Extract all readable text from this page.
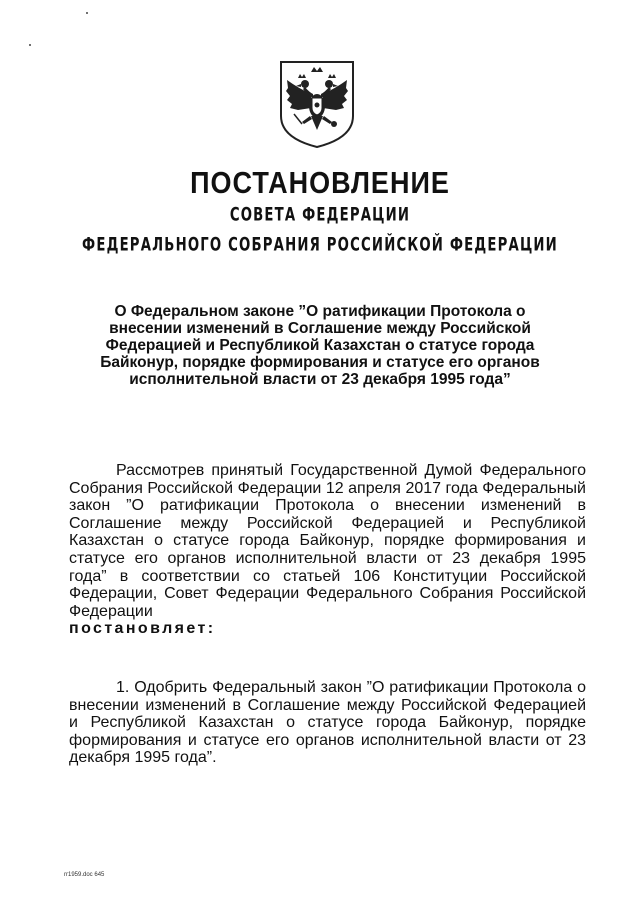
ПОСТАНОВЛЕНИЕ
СОВЕТА ФЕДЕРАЦИИ
ФЕДЕРАЛЬНОГО СОБРАНИЯ РОССИЙСКОЙ ФЕДЕРАЦИИ
О Федеральном законе ”О ратификации Протокола о внесении изменений в Соглашение между Российской Федерацией и Республикой Казахстан о статусе города Байконур, порядке формирования и статусе его органов исполнительной власти от 23 декабря 1995 года”
Рассмотрев принятый Государственной Думой Федерального Собрания Российской Федерации 12 апреля 2017 года Федеральный закон ”О ратификации Протокола о внесении изменений в Соглашение между Российской Федерацией и Республикой Казахстан о статусе города Байконур, порядке формирования и статусе его органов исполнительной власти от 23 декабря 1995 года” в соответствии со статьей 106 Конституции Российской Федерации, Совет Федерации Федерального Собрания Российской Федерации
постановляет:
1. Одобрить Федеральный закон ”О ратификации Протокола о внесении изменений в Соглашение между Российской Федерацией и Республикой Казахстан о статусе города Байконур, порядке формирования и статусе его органов исполнительной власти от 23 декабря 1995 года”.
rr1959.doc 645
